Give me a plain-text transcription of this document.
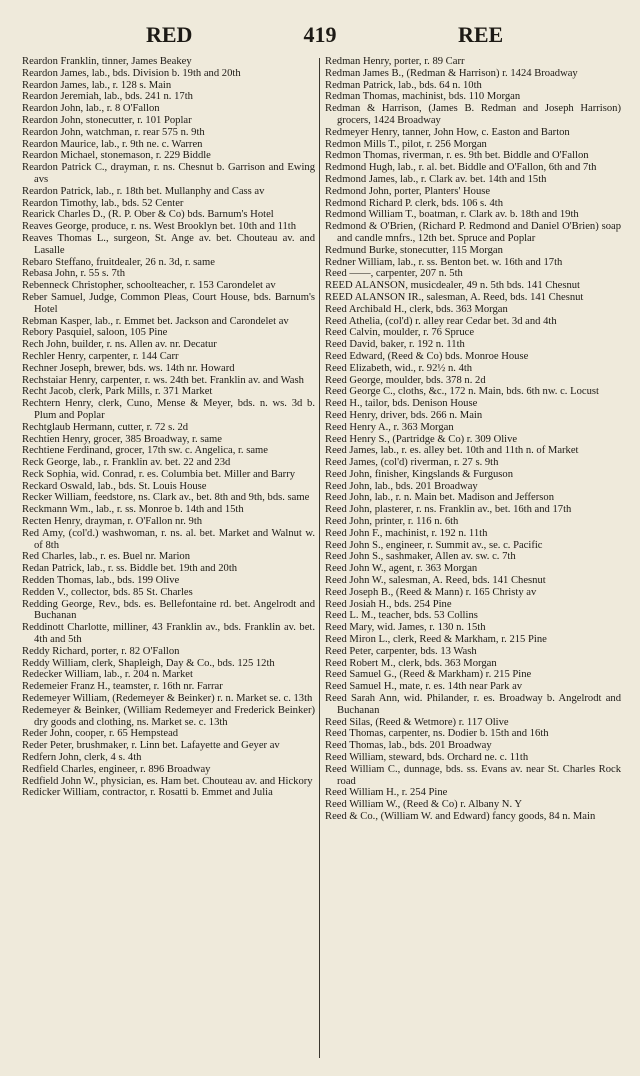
RED	419	REE

Reardon Franklin, tinner, James Beakey

Reardon James, lab., bds. Division b. 19th and 20th

Reardon James, lab., r. 128 s. Main

Reardon Jeremiah, lab., bds. 241 n. 17th

Reardon John, lab., r. 8 O'Fallon

Reardon John, stonecutter, r. 101 Poplar

Reardon John, watchman, r. rear 575 n. 9th

Reardon Maurice, lab., r. 9th ne. c. Warren

Reardon Michael, stonemason, r. 229 Biddle

Reardon Patrick C., drayman, r. ns. Chesnut b. Garrison and Ewing avs

Reardon Patrick, lab., r. 18th bet. Mullanphy and Cass av

Reardon Timothy, lab., bds. 52 Center

Rearick Charles D., (R. P. Ober & Co) bds. Barnum's Hotel

Reaves George, produce, r. ns. West Brooklyn bet. 10th and 11th

Reaves Thomas L., surgeon, St. Ange av. bet. Chouteau av. and Lasalle

Rebaro Steffano, fruitdealer, 26 n. 3d, r. same

Rebasa John, r. 55 s. 7th

Rebenneck Christopher, schoolteacher, r. 153 Carondelet av

Reber Samuel, Judge, Common Pleas, Court House, bds. Barnum's Hotel

Rebman Kasper, lab., r. Emmet bet. Jackson and Carondelet av

Rebory Pasquiel, saloon, 105 Pine

Rech John, builder, r. ns. Allen av. nr. Decatur

Rechler Henry, carpenter, r. 144 Carr

Rechner Joseph, brewer, bds. ws. 14th nr. Howard

Rechstaiar Henry, carpenter, r. ws. 24th bet. Franklin av. and Wash

Recht Jacob, clerk, Park Mills, r. 371 Market

Rechtern Henry, clerk, Cuno, Mense & Meyer, bds. n. ws. 3d b. Plum and Poplar

Rechtglaub Hermann, cutter, r. 72 s. 2d

Rechtien Henry, grocer, 385 Broadway, r. same

Rechtiene Ferdinand, grocer, 17th sw. c. Angelica, r. same

Reck George, lab., r. Franklin av. bet. 22 and 23d

Reck Sophia, wid. Conrad, r. es. Columbia bet. Miller and Barry

Reckard Oswald, lab., bds. St. Louis House

Recker William, feedstore, ns. Clark av., bet. 8th and 9th, bds. same

Reckmann Wm., lab., r. ss. Monroe b. 14th and 15th

Recten Henry, drayman, r. O'Fallon nr. 9th

Red Amy, (col'd.) washwoman, r. ns. al. bet. Market and Walnut w. of 8th

Red Charles, lab., r. es. Buel nr. Marion

Redan Patrick, lab., r. ss. Biddle bet. 19th and 20th

Redden Thomas, lab., bds. 199 Olive

Redden V., collector, bds. 85 St. Charles

Redding George, Rev., bds. es. Bellefontaine rd. bet. Angelrodt and Buchanan

Reddinott Charlotte, milliner, 43 Franklin av., bds. Franklin av. bet. 4th and 5th

Reddy Richard, porter, r. 82 O'Fallon

Reddy William, clerk, Shapleigh, Day & Co., bds. 125 12th

Redecker William, lab., r. 204 n. Market

Redemeier Franz H., teamster, r. 16th nr. Farrar

Redemeyer William, (Redemeyer & Beinker) r. n. Market se. c. 13th

Redemeyer & Beinker, (William Redemeyer and Frederick Beinker) dry goods and clothing, ns. Market se. c. 13th

Reder John, cooper, r. 65 Hempstead

Reder Peter, brushmaker, r. Linn bet. Lafayette and Geyer av

Redfern John, clerk, 4 s. 4th

Redfield Charles, engineer, r. 896 Broadway

Redfield John W., physician, es. Ham bet. Chouteau av. and Hickory

Redicker William, contractor, r. Rosatti b. Emmet and Julia

Redman Henry, porter, r. 89 Carr

Redman James B., (Redman & Harrison) r. 1424 Broadway

Redman Patrick, lab., bds. 64 n. 10th

Redman Thomas, machinist, bds. 110 Morgan

Redman & Harrison, (James B. Redman and Joseph Harrison) grocers, 1424 Broadway

Redmeyer Henry, tanner, John How, c. Easton and Barton

Redmon Mills T., pilot, r. 256 Morgan

Redmon Thomas, riverman, r. es. 9th bet. Biddle and O'Fallon

Redmond Hugh, lab., r. al. bet. Biddle and O'Fallon, 6th and 7th

Redmond James, lab., r. Clark av. bet. 14th and 15th

Redmond John, porter, Planters' House

Redmond Richard P. clerk, bds. 106 s. 4th

Redmond William T., boatman, r. Clark av. b. 18th and 19th

Redmond & O'Brien, (Richard P. Redmond and Daniel O'Brien) soap and candle mnfrs., 12th bet. Spruce and Poplar

Redmund Burke, stonecutter, 115 Morgan

Redner William, lab., r. ss. Benton bet. w. 16th and 17th

Reed ——, carpenter, 207 n. 5th

REED ALANSON, musicdealer, 49 n. 5th bds. 141 Chesnut

REED ALANSON IR., salesman, A. Reed, bds. 141 Chesnut

Reed Archibald H., clerk, bds. 363 Morgan

Reed Athelia, (col'd) r. alley rear Cedar bet. 3d and 4th

Reed Calvin, moulder, r. 76 Spruce

Reed David, baker, r. 192 n. 11th

Reed Edward, (Reed & Co) bds. Monroe House

Reed Elizabeth, wid., r. 92½ n. 4th

Reed George, moulder, bds. 378 n. 2d

Reed George C., cloths, &c., 172 n. Main, bds. 6th nw. c. Locust

Reed H., tailor, bds. Denison House

Reed Henry, driver, bds. 266 n. Main

Reed Henry A., r. 363 Morgan

Reed Henry S., (Partridge & Co) r. 309 Olive

Reed James, lab., r. es. alley bet. 10th and 11th n. of Market

Reed James, (col'd) riverman, r. 27 s. 9th

Reed John, finisher, Kingslands & Furguson

Reed John, lab., bds. 201 Broadway

Reed John, lab., r. n. Main bet. Madison and Jefferson

Reed John, plasterer, r. ns. Franklin av., bet. 16th and 17th

Reed John, printer, r. 116 n. 6th

Reed John F., machinist, r. 192 n. 11th

Reed John S., engineer, r. Summit av., se. c. Pacific

Reed John S., sashmaker, Allen av. sw. c. 7th

Reed John W., agent, r. 363 Morgan

Reed John W., salesman, A. Reed, bds. 141 Chesnut

Reed Joseph B., (Reed & Mann) r. 165 Christy av

Reed Josiah H., bds. 254 Pine

Reed L. M., teacher, bds. 53 Collins

Reed Mary, wid. James, r. 130 n. 15th

Reed Miron L., clerk, Reed & Markham, r. 215 Pine

Reed Peter, carpenter, bds. 13 Wash

Reed Robert M., clerk, bds. 363 Morgan

Reed Samuel G., (Reed & Markham) r. 215 Pine

Reed Samuel H., mate, r. es. 14th near Park av

Reed Sarah Ann, wid. Philander, r. es. Broadway b. Angelrodt and Buchanan

Reed Silas, (Reed & Wetmore) r. 117 Olive

Reed Thomas, carpenter, ns. Dodier b. 15th and 16th

Reed Thomas, lab., bds. 201 Broadway

Reed William, steward, bds. Orchard ne. c. 11th

Reed William C., dunnage, bds. ss. Evans av. near St. Charles Rock road

Reed William H., r. 254 Pine

Reed William W., (Reed & Co) r. Albany N. Y

Reed & Co., (William W. and Edward) fancy goods, 84 n. Main
